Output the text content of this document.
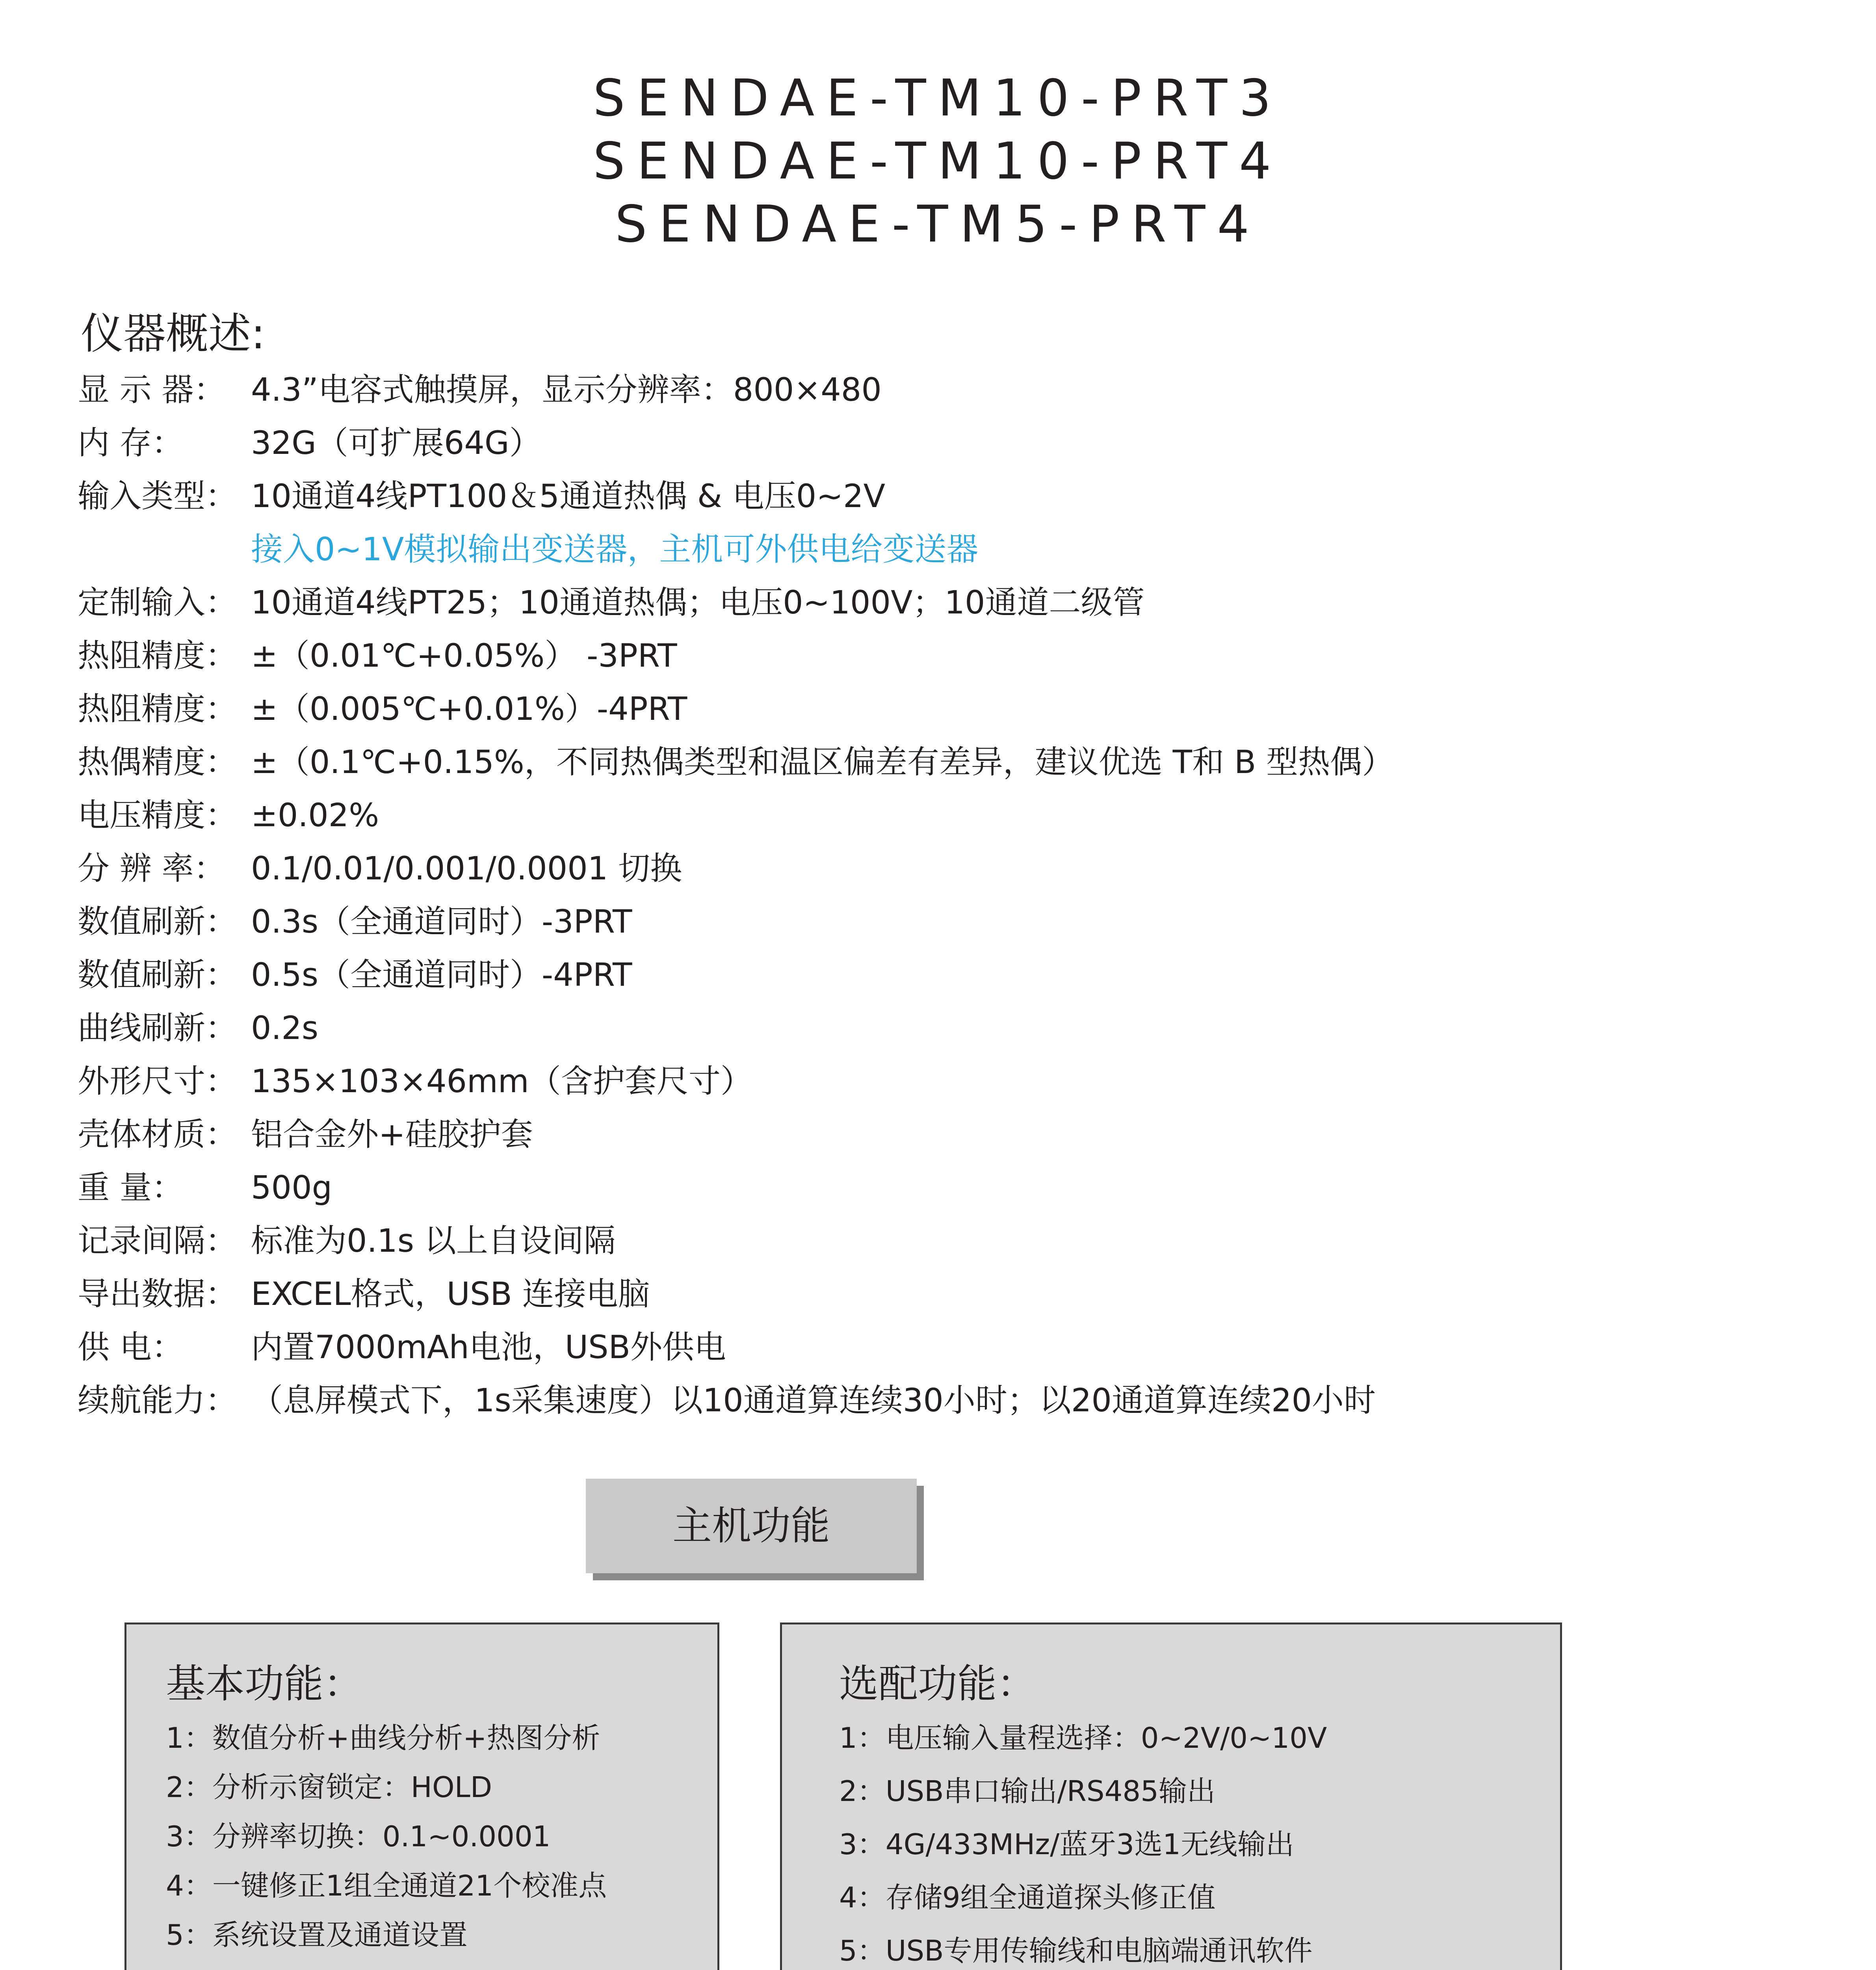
SENDAE-TM10-PRT3
SENDAE-TM10-PRT4
SENDAE-TM5-PRT4
仪器概述:
显 示 器： 4.3”电容式触摸屏，显示分辨率：800×480
内 存： 32G（可扩展64G）
输入类型： 10通道4线PT100＆5通道热偶 & 电压0~2V
接入0~1V模拟输出变送器，主机可外供电给变送器
定制输入： 10通道4线PT25；10通道热偶；电压0~100V；10通道二级管
热阻精度： ±（0.01℃+0.05%） -3PRT
热阻精度： ±（0.005℃+0.01%）-4PRT
热偶精度： ±（0.1℃+0.15%，不同热偶类型和温区偏差有差异，建议优选 T和 B 型热偶）
电压精度： ±0.02%
分 辨 率： 0.1/0.01/0.001/0.0001 切换
数值刷新： 0.3s（全通道同时）-3PRT
数值刷新： 0.5s（全通道同时）-4PRT
曲线刷新： 0.2s
外形尺寸： 135×103×46mm（含护套尺寸）
壳体材质： 铝合金外+硅胶护套
重 量： 500g
记录间隔： 标准为0.1s 以上自设间隔
导出数据： EXCEL格式，USB 连接电脑
供 电： 内置7000mAh电池，USB外供电
续航能力： （息屏模式下，1s采集速度）以10通道算连续30小时；以20通道算连续20小时
主机功能
基本功能：
1：数值分析+曲线分析+热图分析
2：分析示窗锁定：HOLD
3：分辨率切换：0.1~0.0001
4：一键修正1组全通道21个校准点
5：系统设置及通道设置
选配功能：
1：电压输入量程选择：0~2V/0~10V
2：USB串口输出/RS485输出
3：4G/433MHz/蓝牙3选1无线输出
4：存储9组全通道探头修正值
5：USB专用传输线和电脑端通讯软件
